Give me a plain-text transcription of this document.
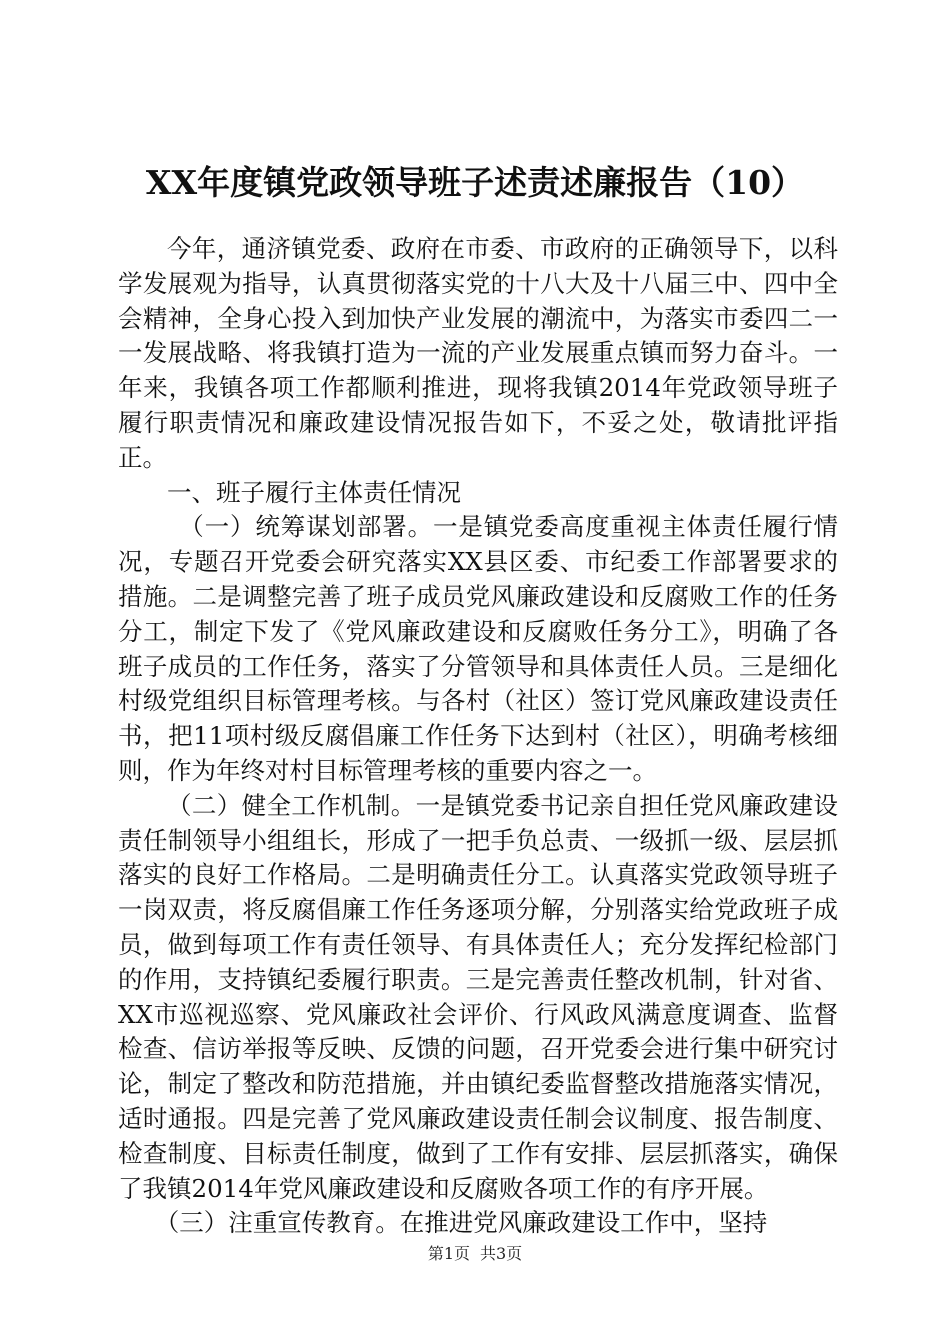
XX年度镇党政领导班子述责述廉报告（10）

今年，通济镇党委、政府在市委、市政府的正确领导下，以科学发展观为指导，认真贯彻落实党的十八大及十八届三中、四中全会精神，全身心投入到加快产业发展的潮流中，为落实市委四二一一发展战略、将我镇打造为一流的产业发展重点镇而努力奋斗。一年来，我镇各项工作都顺利推进，现将我镇2014年党政领导班子履行职责情况和廉政建设情况报告如下，不妥之处，敬请批评指正。

一、班子履行主体责任情况

（一）统筹谋划部署。一是镇党委高度重视主体责任履行情况，专题召开党委会研究落实XX县区委、市纪委工作部署要求的措施。二是调整完善了班子成员党风廉政建设和反腐败工作的任务分工，制定下发了《党风廉政建设和反腐败任务分工》，明确了各班子成员的工作任务，落实了分管领导和具体责任人员。三是细化村级党组织目标管理考核。与各村（社区）签订党风廉政建设责任书，把11项村级反腐倡廉工作任务下达到村（社区），明确考核细则，作为年终对村目标管理考核的重要内容之一。

（二）健全工作机制。一是镇党委书记亲自担任党风廉政建设责任制领导小组组长，形成了一把手负总责、一级抓一级、层层抓落实的良好工作格局。二是明确责任分工。认真落实党政领导班子一岗双责，将反腐倡廉工作任务逐项分解，分别落实给党政班子成员，做到每项工作有责任领导、有具体责任人；充分发挥纪检部门的作用，支持镇纪委履行职责。三是完善责任整改机制，针对省、XX市巡视巡察、党风廉政社会评价、行风政风满意度调查、监督检查、信访举报等反映、反馈的问题，召开党委会进行集中研究讨论，制定了整改和防范措施，并由镇纪委监督整改措施落实情况，适时通报。四是完善了党风廉政建设责任制会议制度、报告制度、检查制度、目标责任制度，做到了工作有安排、层层抓落实，确保了我镇2014年党风廉政建设和反腐败各项工作的有序开展。

（三）注重宣传教育。在推进党风廉政建设工作中，坚持

第1页 共3页
